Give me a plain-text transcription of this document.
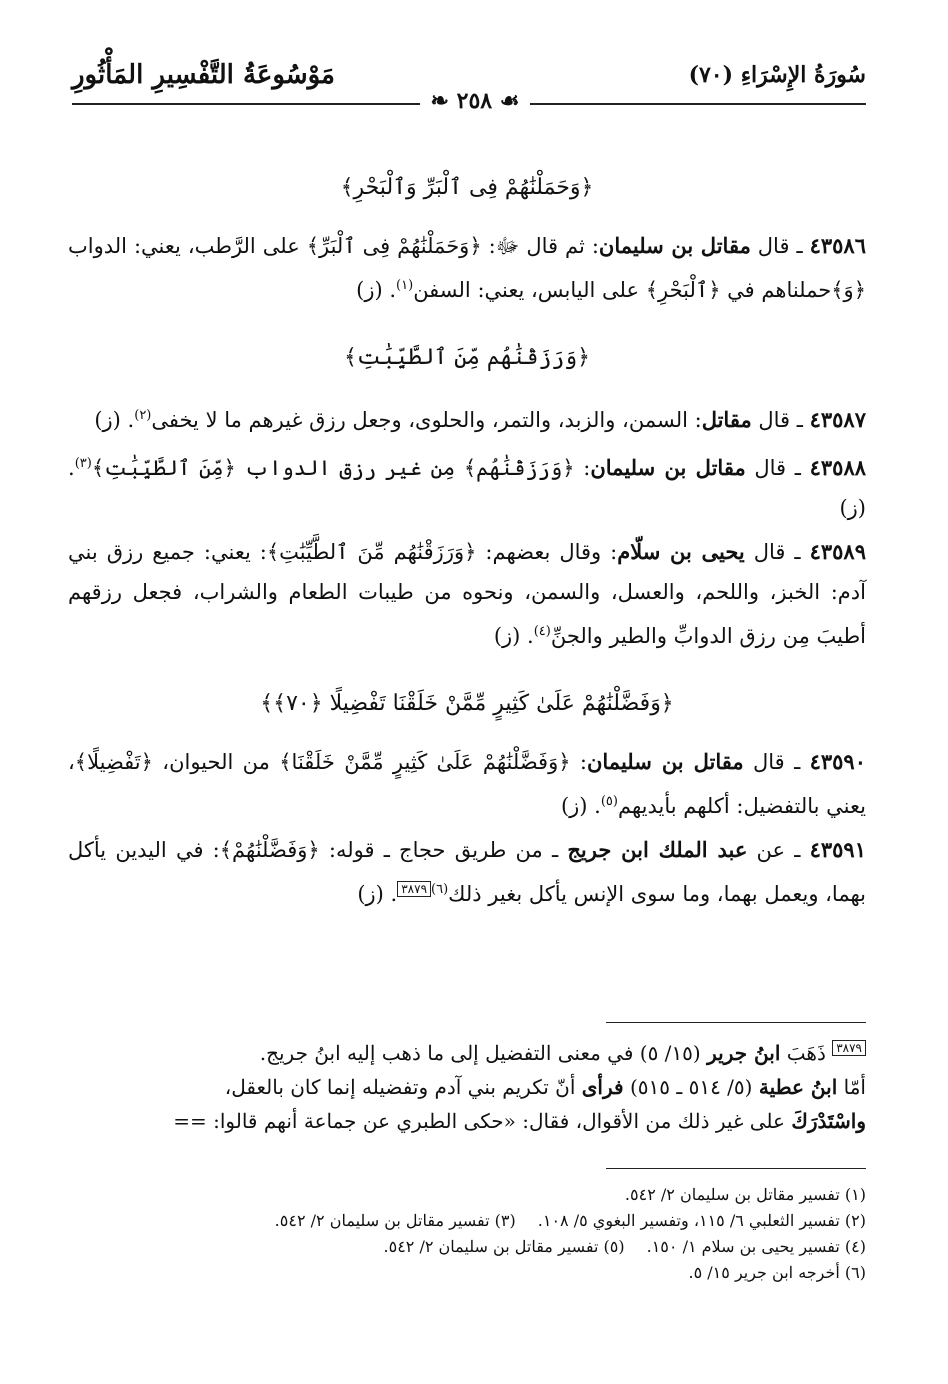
سُورَةُ الإِسْرَاءِ (٧٠)
مَوْسُوعَةُ التَّفْسِيرِ المَأْثُورِ
❧ ٢٥٨ ☙
﴿وَحَمَلْنَٰهُمْ فِى ٱلْبَرِّ وَٱلْبَحْرِ﴾

٤٣٥٨٦ ـ قال مقاتل بن سليمان: ثم قال ﷻ: ﴿وَحَمَلْنَٰهُمْ فِى ٱلْبَرِّ﴾ على الرَّطب، يعني: الدواب ﴿وَ﴾حملناهم في ﴿ٱلْبَحْرِ﴾ على اليابس، يعني: السفن$^{(١)}$. (ز)

﴿وَرَزَقْنَٰهُم مِّنَ ٱلطَّيِّبَٰتِ﴾

٤٣٥٨٧ ـ قال مقاتل: السمن، والزبد، والتمر، والحلوى، وجعل رزق غيرهم ما لا يخفى$^{(٢)}$. (ز)

٤٣٥٨٨ ـ قال مقاتل بن سليمان: ﴿وَرَزَقْنَٰهُم﴾ مِن غير رزق الدواب ﴿مِّنَ ٱلطَّيِّبَٰتِ﴾$^{(٣)}$. (ز)

٤٣٥٨٩ ـ قال يحيى بن سلّام: وقال بعضهم: ﴿وَرَزَقْنَٰهُم مِّنَ ٱلطَّيِّبَٰتِ﴾: يعني: جميع رزق بني آدم: الخبز، واللحم، والعسل، والسمن، ونحوه من طيبات الطعام والشراب، فجعل رزقهم أطيبَ مِن رزق الدوابِّ والطير والجنِّ$^{(٤)}$. (ز)

﴿وَفَضَّلْنَٰهُمْ عَلَىٰ كَثِيرٍ مِّمَّنْ خَلَقْنَا تَفْضِيلًا ﴿٧٠﴾﴾

٤٣٥٩٠ ـ قال مقاتل بن سليمان: ﴿وَفَضَّلْنَٰهُمْ عَلَىٰ كَثِيرٍ مِّمَّنْ خَلَقْنَا﴾ من الحيوان، ﴿تَفْضِيلًا﴾، يعني بالتفضيل: أكلهم بأيديهم$^{(٥)}$. (ز)

٤٣٥٩١ ـ عن عبد الملك ابن جريج ـ من طريق حجاج ـ قوله: ﴿وَفَضَّلْنَٰهُمْ﴾: في اليدين يأكل بهما، ويعمل بهما، وما سوى الإنس يأكل بغير ذلك$^{(٦)}$٣٨٧٩. (ز)

٣٨٧٩ ذَهَبَ ابنُ جرير (١٥/ ٥) في معنى التفضيل إلى ما ذهب إليه ابنُ جريج.
أمّا ابنُ عطية (٥/ ٥١٤ ـ ٥١٥) فرأى أنّ تكريم بني آدم وتفضيله إنما كان بالعقل،
واسْتَدْرَكَ على غير ذلك من الأقوال، فقال: «حكى الطبري عن جماعة أنهم قالوا: ==
(١) تفسير مقاتل بن سليمان ٢/ ٥٤٢.
(٢) تفسير الثعلبي ٦/ ١١٥، وتفسير البغوي ٥/ ١٠٨.
(٣) تفسير مقاتل بن سليمان ٢/ ٥٤٢.
(٤) تفسير يحيى بن سلام ١/ ١٥٠.
(٥) تفسير مقاتل بن سليمان ٢/ ٥٤٢.
(٦) أخرجه ابن جرير ١٥/ ٥.
